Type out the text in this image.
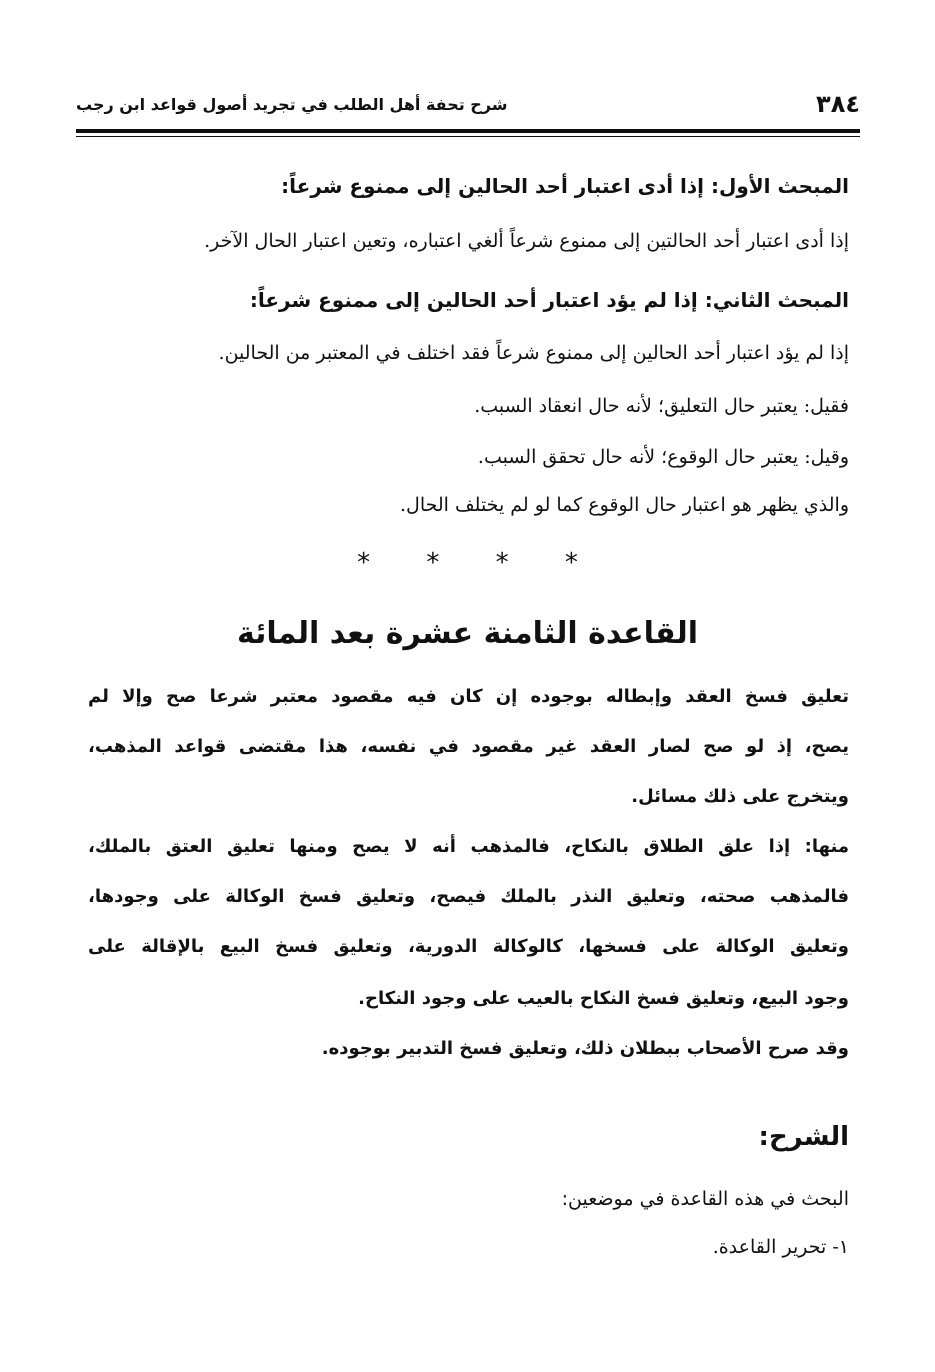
٣٨٤
شرح تحفة أهل الطلب في تجريد أصول قواعد ابن رجب
المبحث الأول: إذا أدى اعتبار أحد الحالين إلى ممنوع شرعاً:
إذا أدى اعتبار أحد الحالتين إلى ممنوع شرعاً ألغي اعتباره، وتعين اعتبار الحال الآخر.
المبحث الثاني: إذا لم يؤد اعتبار أحد الحالين إلى ممنوع شرعاً:
إذا لم يؤد اعتبار أحد الحالين إلى ممنوع شرعاً فقد اختلف في المعتبر من الحالين.
فقيل: يعتبر حال التعليق؛ لأنه حال انعقاد السبب.
وقيل: يعتبر حال الوقوع؛ لأنه حال تحقق السبب.
والذي يظهر هو اعتبار حال الوقوع كما لو لم يختلف الحال.
* * * *
القاعدة الثامنة عشرة بعد المائة
تعليق فسخ العقد وإبطاله بوجوده إن كان فيه مقصود معتبر شرعا صح وإلا لم
يصح، إذ لو صح لصار العقد غير مقصود في نفسه، هذا مقتضى قواعد المذهب،
ويتخرج على ذلك مسائل.
منها: إذا علق الطلاق بالنكاح، فالمذهب أنه لا يصح ومنها تعليق العتق بالملك،
فالمذهب صحته، وتعليق النذر بالملك فيصح، وتعليق فسخ الوكالة على وجودها،
وتعليق الوكالة على فسخها، كالوكالة الدورية، وتعليق فسخ البيع بالإقالة على
وجود البيع، وتعليق فسخ النكاح بالعيب على وجود النكاح.
وقد صرح الأصحاب ببطلان ذلك، وتعليق فسخ التدبير بوجوده.
الشرح:
البحث في هذه القاعدة في موضعين:
١- تحرير القاعدة.
